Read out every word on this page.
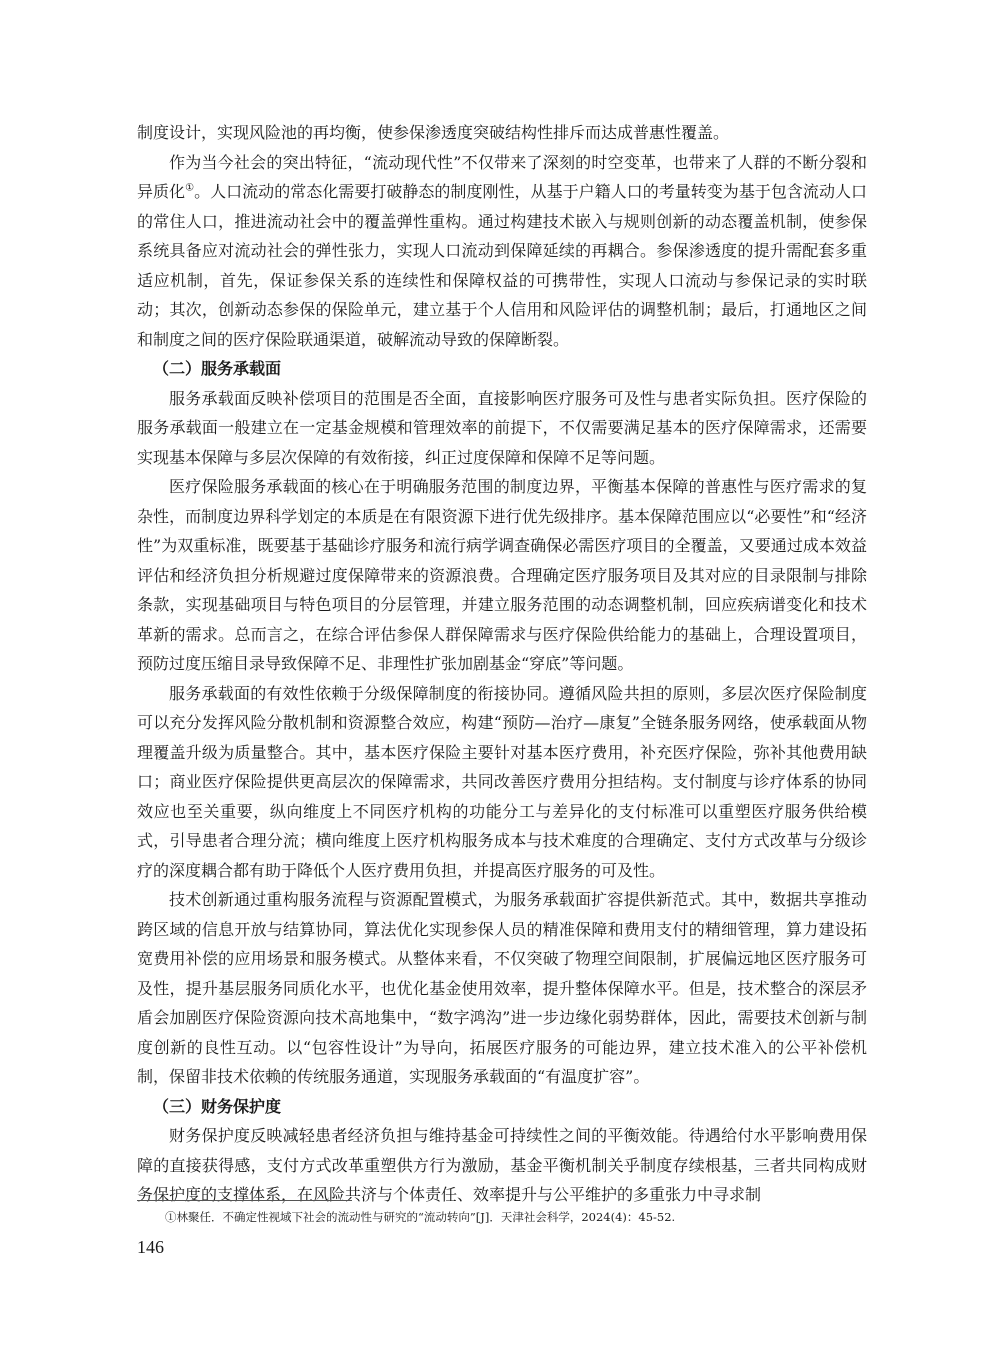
制度设计，实现风险池的再均衡，使参保渗透度突破结构性排斥而达成普惠性覆盖。

作为当今社会的突出特征，“流动现代性”不仅带来了深刻的时空变革，也带来了人群的不断分裂和异质化①。人口流动的常态化需要打破静态的制度刚性，从基于户籍人口的考量转变为基于包含流动人口的常住人口，推进流动社会中的覆盖弹性重构。通过构建技术嵌入与规则创新的动态覆盖机制，使参保系统具备应对流动社会的弹性张力，实现人口流动到保障延续的再耦合。参保渗透度的提升需配套多重适应机制，首先，保证参保关系的连续性和保障权益的可携带性，实现人口流动与参保记录的实时联动；其次，创新动态参保的保险单元，建立基于个人信用和风险评估的调整机制；最后，打通地区之间和制度之间的医疗保险联通渠道，破解流动导致的保障断裂。

（二）服务承载面

服务承载面反映补偿项目的范围是否全面，直接影响医疗服务可及性与患者实际负担。医疗保险的服务承载面一般建立在一定基金规模和管理效率的前提下，不仅需要满足基本的医疗保障需求，还需要实现基本保障与多层次保障的有效衔接，纠正过度保障和保障不足等问题。

医疗保险服务承载面的核心在于明确服务范围的制度边界，平衡基本保障的普惠性与医疗需求的复杂性，而制度边界科学划定的本质是在有限资源下进行优先级排序。基本保障范围应以“必要性”和“经济性”为双重标准，既要基于基础诊疗服务和流行病学调查确保必需医疗项目的全覆盖，又要通过成本效益评估和经济负担分析规避过度保障带来的资源浪费。合理确定医疗服务项目及其对应的目录限制与排除条款，实现基础项目与特色项目的分层管理，并建立服务范围的动态调整机制，回应疾病谱变化和技术革新的需求。总而言之，在综合评估参保人群保障需求与医疗保险供给能力的基础上，合理设置项目，预防过度压缩目录导致保障不足、非理性扩张加剧基金“穿底”等问题。

服务承载面的有效性依赖于分级保障制度的衔接协同。遵循风险共担的原则，多层次医疗保险制度可以充分发挥风险分散机制和资源整合效应，构建“预防—治疗—康复”全链条服务网络，使承载面从物理覆盖升级为质量整合。其中，基本医疗保险主要针对基本医疗费用，补充医疗保险，弥补其他费用缺口；商业医疗保险提供更高层次的保障需求，共同改善医疗费用分担结构。支付制度与诊疗体系的协同效应也至关重要，纵向维度上不同医疗机构的功能分工与差异化的支付标准可以重塑医疗服务供给模式，引导患者合理分流；横向维度上医疗机构服务成本与技术难度的合理确定、支付方式改革与分级诊疗的深度耦合都有助于降低个人医疗费用负担，并提高医疗服务的可及性。

技术创新通过重构服务流程与资源配置模式，为服务承载面扩容提供新范式。其中，数据共享推动跨区域的信息开放与结算协同，算法优化实现参保人员的精准保障和费用支付的精细管理，算力建设拓宽费用补偿的应用场景和服务模式。从整体来看，不仅突破了物理空间限制，扩展偏远地区医疗服务可及性，提升基层服务同质化水平，也优化基金使用效率，提升整体保障水平。但是，技术整合的深层矛盾会加剧医疗保险资源向技术高地集中，“数字鸿沟”进一步边缘化弱势群体，因此，需要技术创新与制度创新的良性互动。以“包容性设计”为导向，拓展医疗服务的可能边界，建立技术准入的公平补偿机制，保留非技术依赖的传统服务通道，实现服务承载面的“有温度扩容”。

（三）财务保护度

财务保护度反映减轻患者经济负担与维持基金可持续性之间的平衡效能。待遇给付水平影响费用保障的直接获得感，支付方式改革重塑供方行为激励，基金平衡机制关乎制度存续根基，三者共同构成财务保护度的支撑体系，在风险共济与个体责任、效率提升与公平维护的多重张力中寻求制

①林聚任．不确定性视域下社会的流动性与研究的“流动转向”[J]．天津社会科学，2024(4)：45-52.
146
